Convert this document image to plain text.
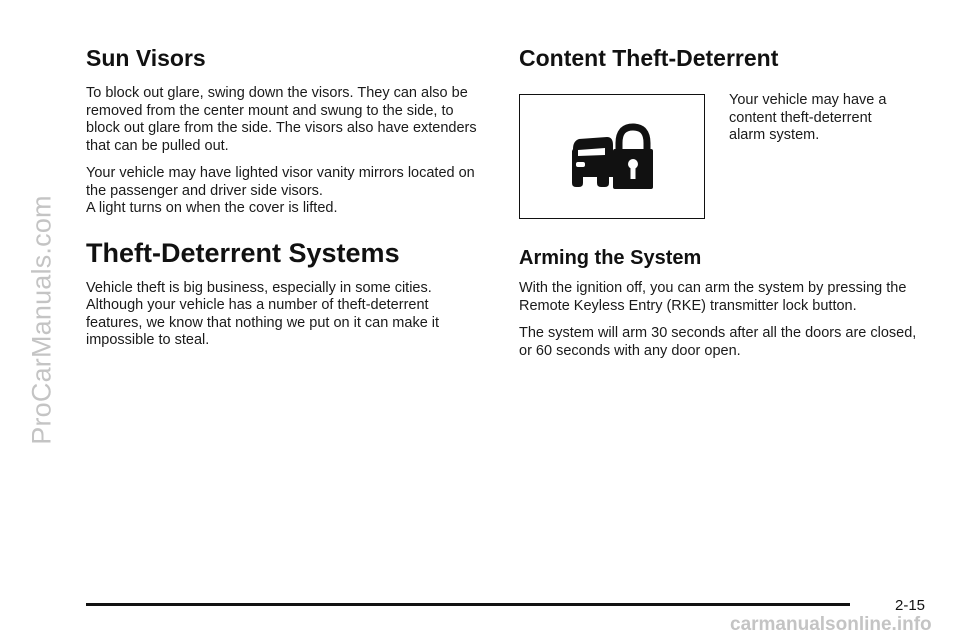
ProCarManuals.com
Sun Visors

To block out glare, swing down the visors. They can also be removed from the center mount and swung to the side, to block out glare from the side. The visors also have extenders that can be pulled out.

Your vehicle may have lighted visor vanity mirrors located on the passenger and driver side visors.

A light turns on when the cover is lifted.

Theft-Deterrent Systems

Vehicle theft is big business, especially in some cities. Although your vehicle has a number of theft-deterrent features, we know that nothing we put on it can make it impossible to steal.

Content Theft-Deterrent

Your vehicle may have a content theft-deterrent alarm system.

Arming the System

With the ignition off, you can arm the system by pressing the Remote Keyless Entry (RKE) transmitter lock button.

The system will arm 30 seconds after all the doors are closed, or 60 seconds with any door open.

2-15
carmanualsonline.info
